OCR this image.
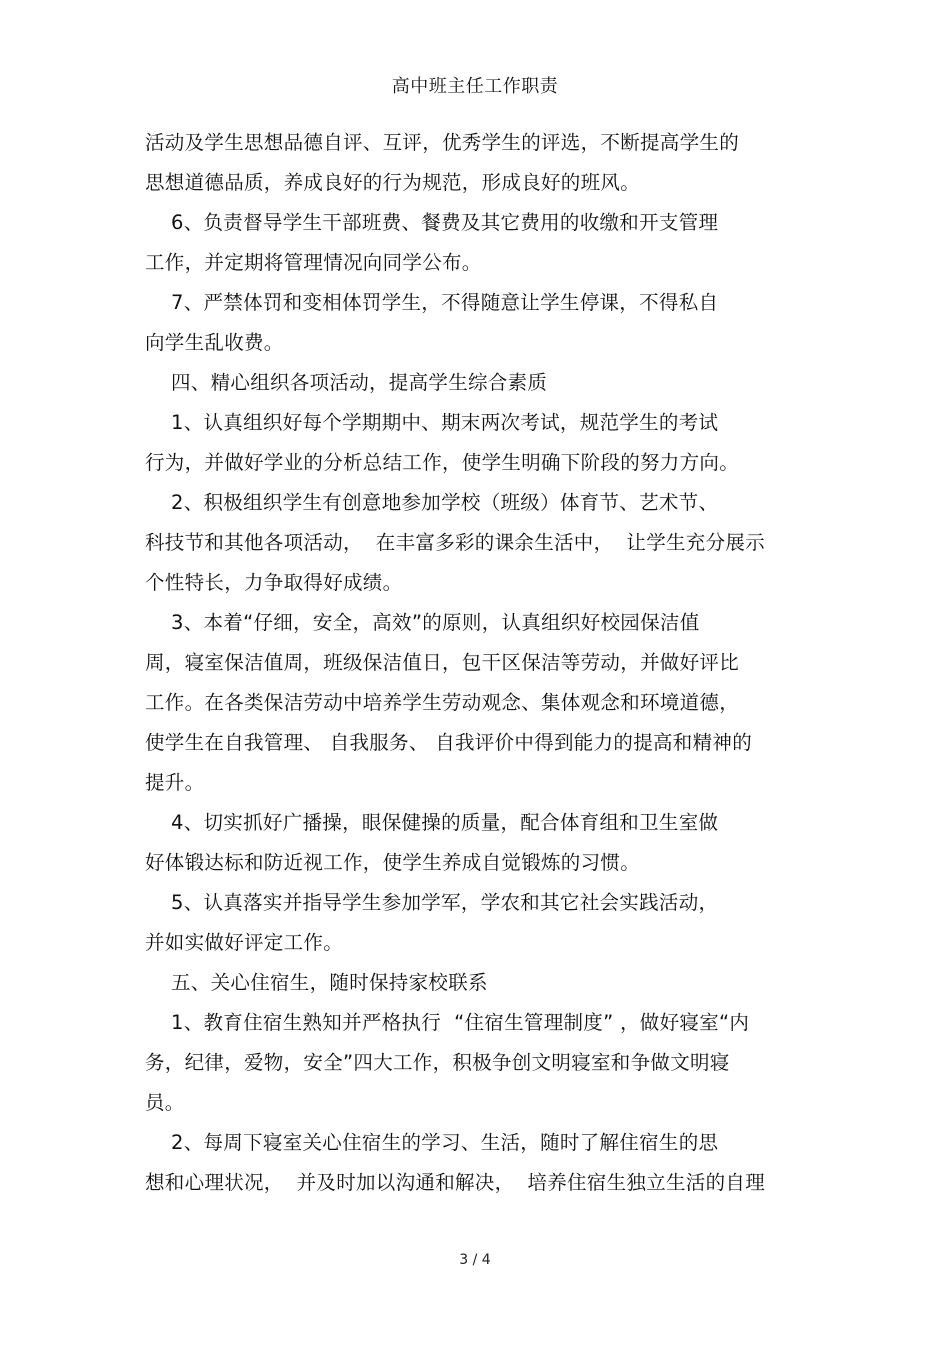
高中班主任工作职责
活动及学生思想品德自评、互评，优秀学生的评选，不断提高学生的
思想道德品质，养成良好的行为规范，形成良好的班风。
6、负责督导学生干部班费、餐费及其它费用的收缴和开支管理
工作，并定期将管理情况向同学公布。
7、严禁体罚和变相体罚学生，不得随意让学生停课，不得私自
向学生乱收费。
四、精心组织各项活动，提高学生综合素质
1、认真组织好每个学期期中、期末两次考试，规范学生的考试
行为，并做好学业的分析总结工作，使学生明确下阶段的努力方向。
2、积极组织学生有创意地参加学校（班级）体育节、艺术节、
科技节和其他各项活动，  在丰富多彩的课余生活中，  让学生充分展示
个性特长，力争取得好成绩。
3、本着“仔细，安全，高效”的原则，认真组织好校园保洁值
周，寝室保洁值周，班级保洁值日，包干区保洁等劳动，并做好评比
工作。在各类保洁劳动中培养学生劳动观念、集体观念和环境道德，
使学生在自我管理、 自我服务、 自我评价中得到能力的提高和精神的
提升。
4、切实抓好广播操，眼保健操的质量，配合体育组和卫生室做
好体锻达标和防近视工作，使学生养成自觉锻炼的习惯。
5、认真落实并指导学生参加学军，学农和其它社会实践活动，
并如实做好评定工作。
五、关心住宿生，随时保持家校联系
1、教育住宿生熟知并严格执行  “住宿生管理制度” ，做好寝室“内
务，纪律，爱物，安全”四大工作，积极争创文明寝室和争做文明寝
员。
2、每周下寝室关心住宿生的学习、生活，随时了解住宿生的思
想和心理状况，  并及时加以沟通和解决，  培养住宿生独立生活的自理
3 / 4
